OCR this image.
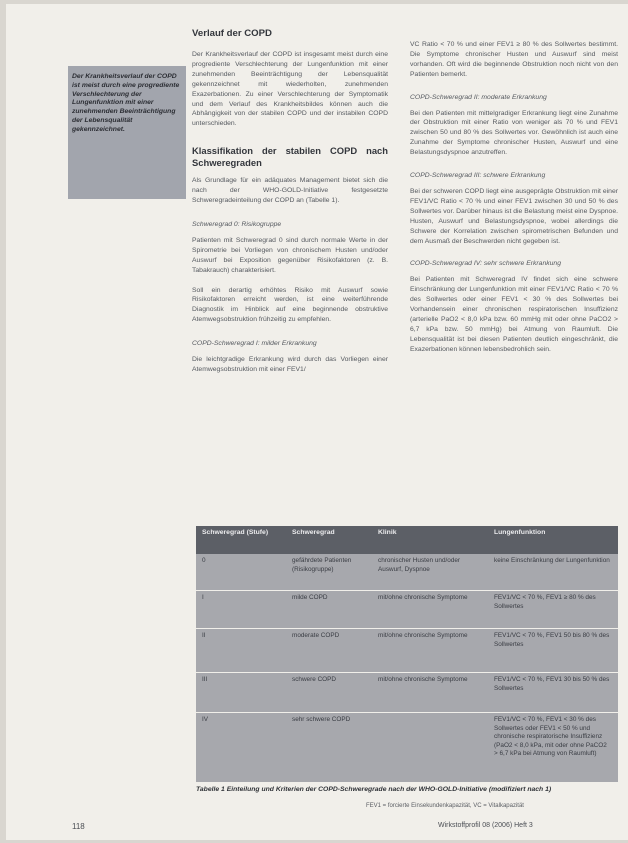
Der Krankheitsverlauf der COPD ist meist durch eine progrediente Verschlechterung der Lungenfunktion mit einer zunehmenden Beeinträchtigung der Lebensqualität gekennzeichnet.
Verlauf der COPD

Der Krankheitsverlauf der COPD ist insgesamt meist durch eine progrediente Verschlechterung der Lungenfunktion mit einer zunehmenden Beeinträchtigung der Lebensqualität gekennzeichnet mit wiederholten, zunehmenden Exazerbationen. Zu einer Verschlechterung der Symptomatik und dem Verlauf des Krankheitsbildes können auch die Abhängigkeit von der stabilen COPD und der instabilen COPD unterschieden.

Klassifikation der stabilen COPD nach Schweregraden

Als Grundlage für ein adäquates Management bietet sich die nach der WHO-GOLD-Initiative festgesetzte Schweregradeinteilung der COPD an (Tabelle 1).

Schweregrad 0: Risikogruppe

Patienten mit Schweregrad 0 sind durch normale Werte in der Spirometrie bei Vorliegen von chronischem Husten und/oder Auswurf bei Exposition gegenüber Risikofaktoren (z. B. Tabakrauch) charakterisiert.

Soll ein derartig erhöhtes Risiko mit Auswurf sowie Risikofaktoren erreicht werden, ist eine weiterführende Diagnostik im Hinblick auf eine beginnende obstruktive Atemwegsobstruktion frühzeitig zu empfehlen.

COPD-Schweregrad I: milder Erkrankung

Die leichtgradige Erkrankung wird durch das Vorliegen einer Atemwegsobstruktion mit einer FEV1/

VC Ratio < 70 % und einer FEV1 ≥ 80 % des Sollwertes bestimmt. Die Symptome chronischer Husten und Auswurf sind meist vorhanden. Oft wird die beginnende Obstruktion noch nicht von den Patienten bemerkt.

COPD-Schweregrad II: moderate Erkrankung

Bei den Patienten mit mittelgradiger Erkrankung liegt eine Zunahme der Obstruktion mit einer Ratio von weniger als 70 % und FEV1 zwischen 50 und 80 % des Sollwertes vor. Gewöhnlich ist auch eine Zunahme der Symptome chronischer Husten, Auswurf und eine Belastungsdyspnoe anzutreffen.

COPD-Schweregrad III: schwere Erkrankung

Bei der schweren COPD liegt eine ausgeprägte Obstruktion mit einer FEV1/VC Ratio < 70 % und einer FEV1 zwischen 30 und 50 % des Sollwertes vor. Darüber hinaus ist die Belastung meist eine Dyspnoe. Husten, Auswurf und Belastungsdyspnoe, wobei allerdings die Schwere der Korrelation zwischen spirometrischen Befunden und dem Ausmaß der Beschwerden nicht gegeben ist.

COPD-Schweregrad IV: sehr schwere Erkrankung

Bei Patienten mit Schweregrad IV findet sich eine schwere Einschränkung der Lungenfunktion mit einer FEV1/VC Ratio < 70 % des Sollwertes oder einer FEV1 < 30 % des Sollwertes bei Vorhandensein einer chronischen respiratorischen Insuffizienz (arterielle PaO2 < 8,0 kPa bzw. 60 mmHg mit oder ohne PaCO2 > 6,7 kPa bzw. 50 mmHg) bei Atmung von Raumluft. Die Lebensqualität ist bei diesen Patienten deutlich eingeschränkt, die Exazerbationen können lebensbedrohlich sein.

Schweregrad (Stufe)	Schweregrad	Klinik	Lungenfunktion
0	gefährdete Patienten (Risikogruppe)	chronischer Husten und/oder Auswurf, Dyspnoe	keine Einschränkung der Lungenfunktion
I	milde COPD	mit/ohne chronische Symptome	FEV1/VC < 70 %, FEV1 ≥ 80 % des Sollwertes
II	moderate COPD	mit/ohne chronische Symptome	FEV1/VC < 70 %, FEV1 50 bis 80 % des Sollwertes
III	schwere COPD	mit/ohne chronische Symptome	FEV1/VC < 70 %, FEV1 30 bis 50 % des Sollwertes
IV	sehr schwere COPD		FEV1/VC < 70 %, FEV1 < 30 % des Sollwertes oder FEV1 < 50 % und chronische respiratorische Insuffizienz (PaO2 < 8,0 kPa, mit oder ohne PaCO2 > 6,7 kPa bei Atmung von Raumluft)
Tabelle 1 Einteilung und Kriterien der COPD-Schweregrade nach der WHO-GOLD-Initiative (modifiziert nach 1)
FEV1 = forcierte Einsekundenkapazität, VC = Vitalkapazität
118	Wirkstoffprofil 08 (2006) Heft 3
